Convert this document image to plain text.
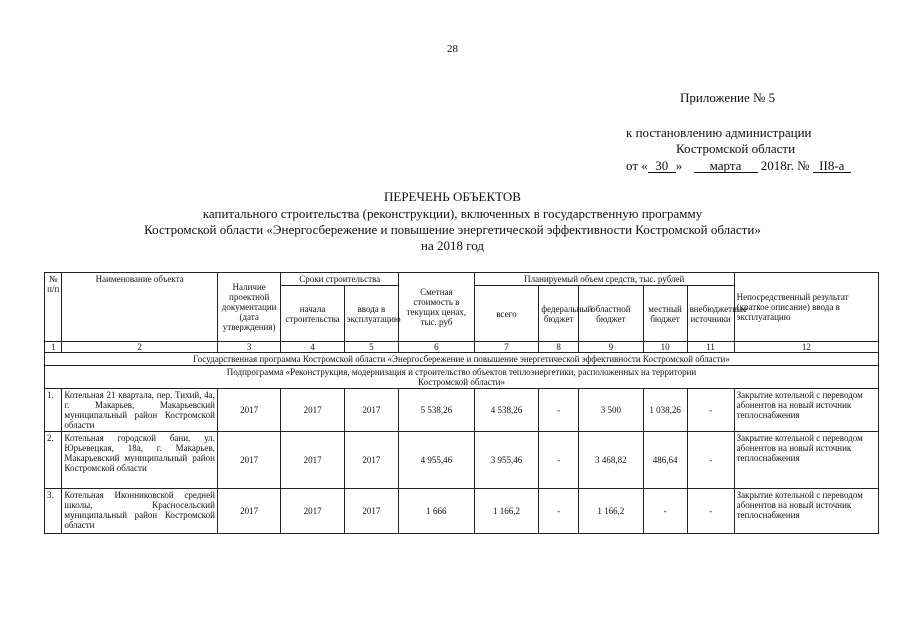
28
Приложение № 5
к постановлению администрации
Костромской области
от « 30 » марта 2018г. № II8-а
ПЕРЕЧЕНЬ ОБЪЕКТОВ
капитального строительства (реконструкции), включенных в государственную программу
Костромской области «Энергосбережение и повышение энергетической эффективности Костромской области»
на 2018 год
№ п/п	Наименование объекта	Наличие проектной документации (дата утверждения)	Сроки строительства		Сметная стоимость в текущих ценах, тыс. руб	Планируемый объем средств, тыс. рублей					Непосредственный результат (краткое описание) ввода в эксплуатацию
			начала строительства	ввода в эксплуатацию		всего	федеральный бюджет	областной бюджет	местный бюджет	внебюджетные источники	
1	2	3	4	5	6	7	8	9	10	11	12
Государственная программа Костромской области «Энергосбережение и повышение энергетической эффективности Костромской области»											
Подпрограмма «Реконструкция, модернизация и строительство объектов теплоэнергетики, расположенных на территории Костромской области»											
1.	Котельная 21 квартала, пер. Тихий, 4а, г. Макарьев, Макарьевский муниципальный район Костромской области	2017	2017	2017	5 538,26	4 538,26	-	3 500	1 038,26	-	Закрытие котельной с переводом абонентов на новый источник теплоснабжения
2.	Котельная городской бани, ул. Юрьевецкая, 18а, г. Макарьев, Макарьевский муниципальный район Костромской области	2017	2017	2017	4 955,46	3 955,46	-	3 468,82	486,64	-	Закрытие котельной с переводом абонентов на новый источник теплоснабжения
3.	Котельная Иконниковской средней школы, Красносельский муниципальный район Костромской области	2017	2017	2017	1 666	1 166,2	-	1 166,2	-	-	Закрытие котельной с переводом абонентов на новый источник теплоснабжения
